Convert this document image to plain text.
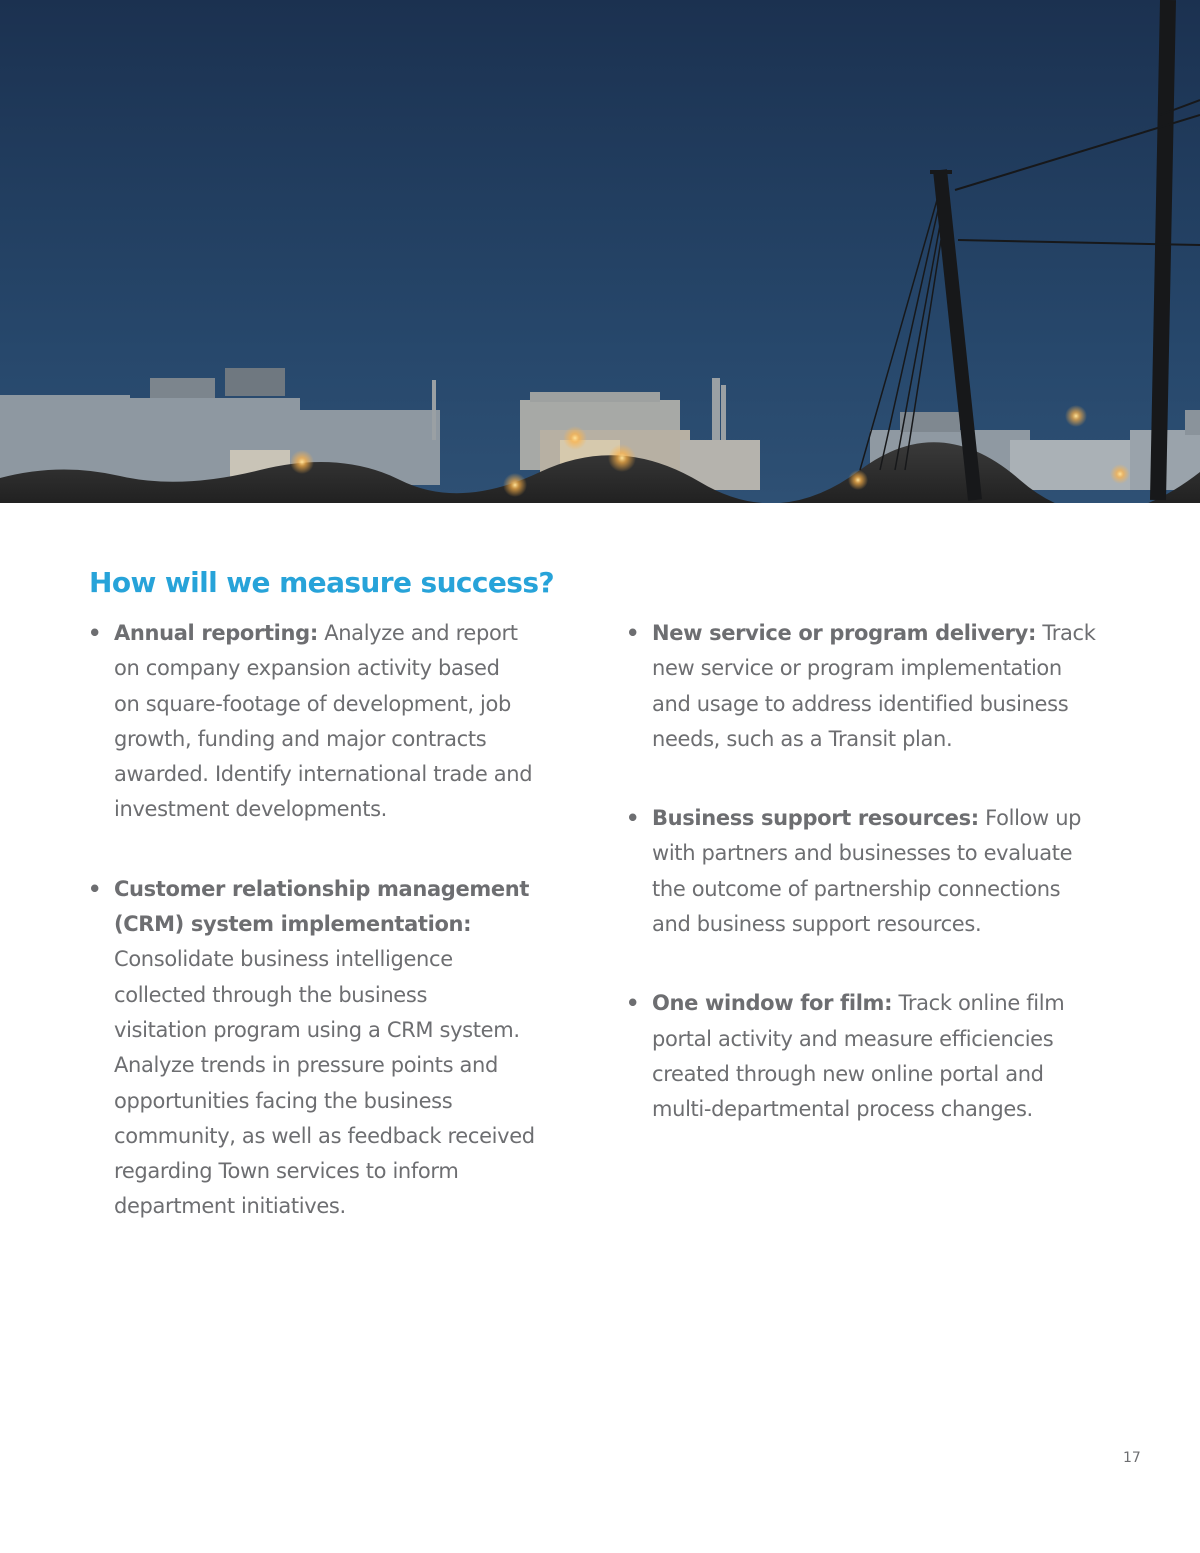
How will we measure success?
• Annual reporting: Analyze and report
on company expansion activity based
on square-footage of development, job
growth, funding and major contracts
awarded. Identify international trade and
investment developments.
• Customer relationship management
(CRM) system implementation:
Consolidate business intelligence
collected through the business
visitation program using a CRM system.
Analyze trends in pressure points and
opportunities facing the business
community, as well as feedback received
regarding Town services to inform
department initiatives.
• New service or program delivery: Track
new service or program implementation
and usage to address identified business
needs, such as a Transit plan.
• Business support resources: Follow up
with partners and businesses to evaluate
the outcome of partnership connections
and business support resources.
• One window for film: Track online film
portal activity and measure efficiencies
created through new online portal and
multi-departmental process changes.
17
